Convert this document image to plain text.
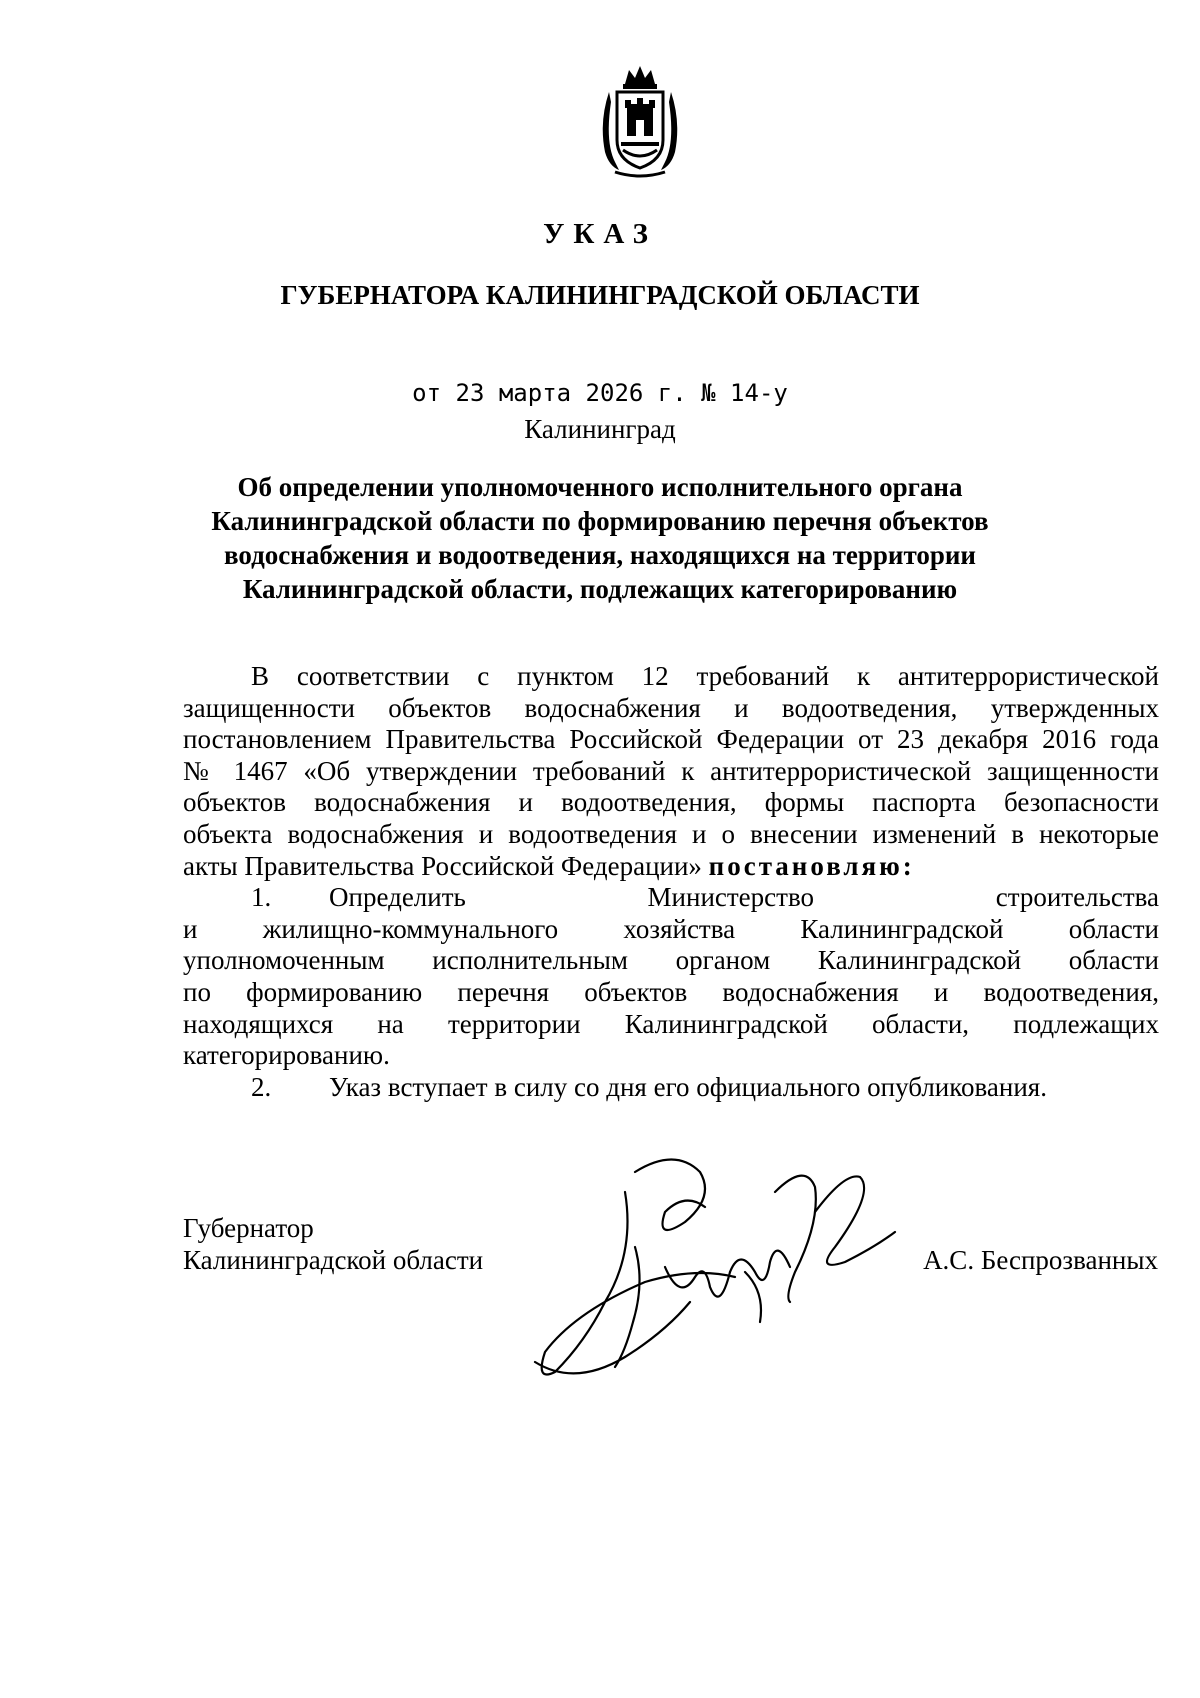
УКАЗ
ГУБЕРНАТОРА КАЛИНИНГРАДСКОЙ ОБЛАСТИ
от 23 марта 2026 г. № 14-у
Калининград
Об определении уполномоченного исполнительного органа
Калининградской области по формированию перечня объектов
водоснабжения и водоотведения, находящихся на территории
Калининградской области, подлежащих категорированию
В соответствии с пунктом 12 требований к антитеррористической
защищенности объектов водоснабжения и водоотведения, утвержденных
постановлением Правительства Российской Федерации от 23 декабря 2016 года
№ 1467 «Об утверждении требований к антитеррористической защищенности
объектов водоснабжения и водоотведения, формы паспорта безопасности
объекта водоснабжения и водоотведения и о внесении изменений в некоторые
акты Правительства Российской Федерации» постановляю:
1.	Определить Министерство строительства
и жилищно-коммунального хозяйства Калининградской области
уполномоченным исполнительным органом Калининградской области
по формированию перечня объектов водоснабжения и водоотведения,
находящихся на территории Калининградской области, подлежащих
категорированию.
2. Указ вступает в силу со дня его официального опубликования.
Губернатор
Калининградской области	А.С. Беспрозванных
